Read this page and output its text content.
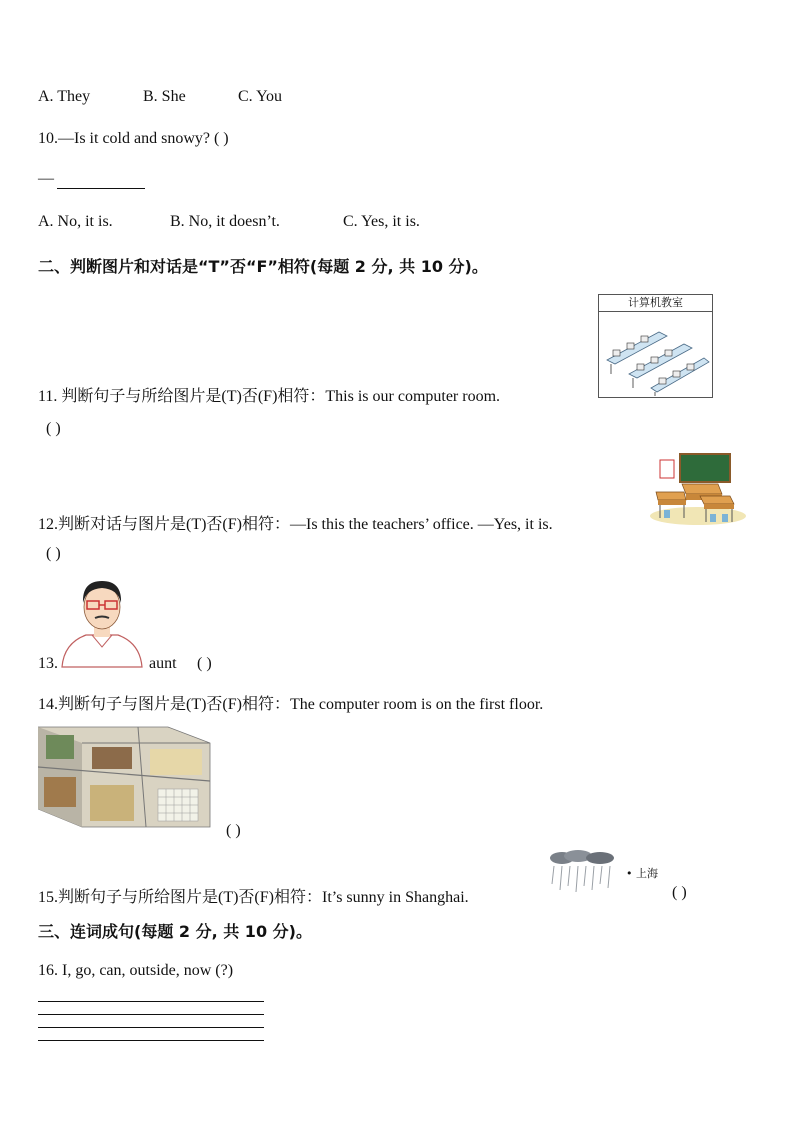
A. They	B. She	C. You
10.—Is it cold and snowy? ( )
—
A. No, it is.	B. No, it doesn’t.	C. Yes, it is.
二、判断图片和对话是“T”否“F”相符(每题 2 分, 共 10 分)。
计算机教室
11. 判断句子与所给图片是(T)否(F)相符：This is our computer room.
( )
12.判断对话与图片是(T)否(F)相符：—Is this the teachers’ office. —Yes, it is.
( )
13.	aunt ( )
14.判断句子与图片是(T)否(F)相符：The computer room is on the first floor.
( )
• 上海
15.判断句子与所给图片是(T)否(F)相符：It’s sunny in Shanghai.	( )
三、连词成句(每题 2 分, 共 10 分)。
16. I, go, can, outside, now (?)
